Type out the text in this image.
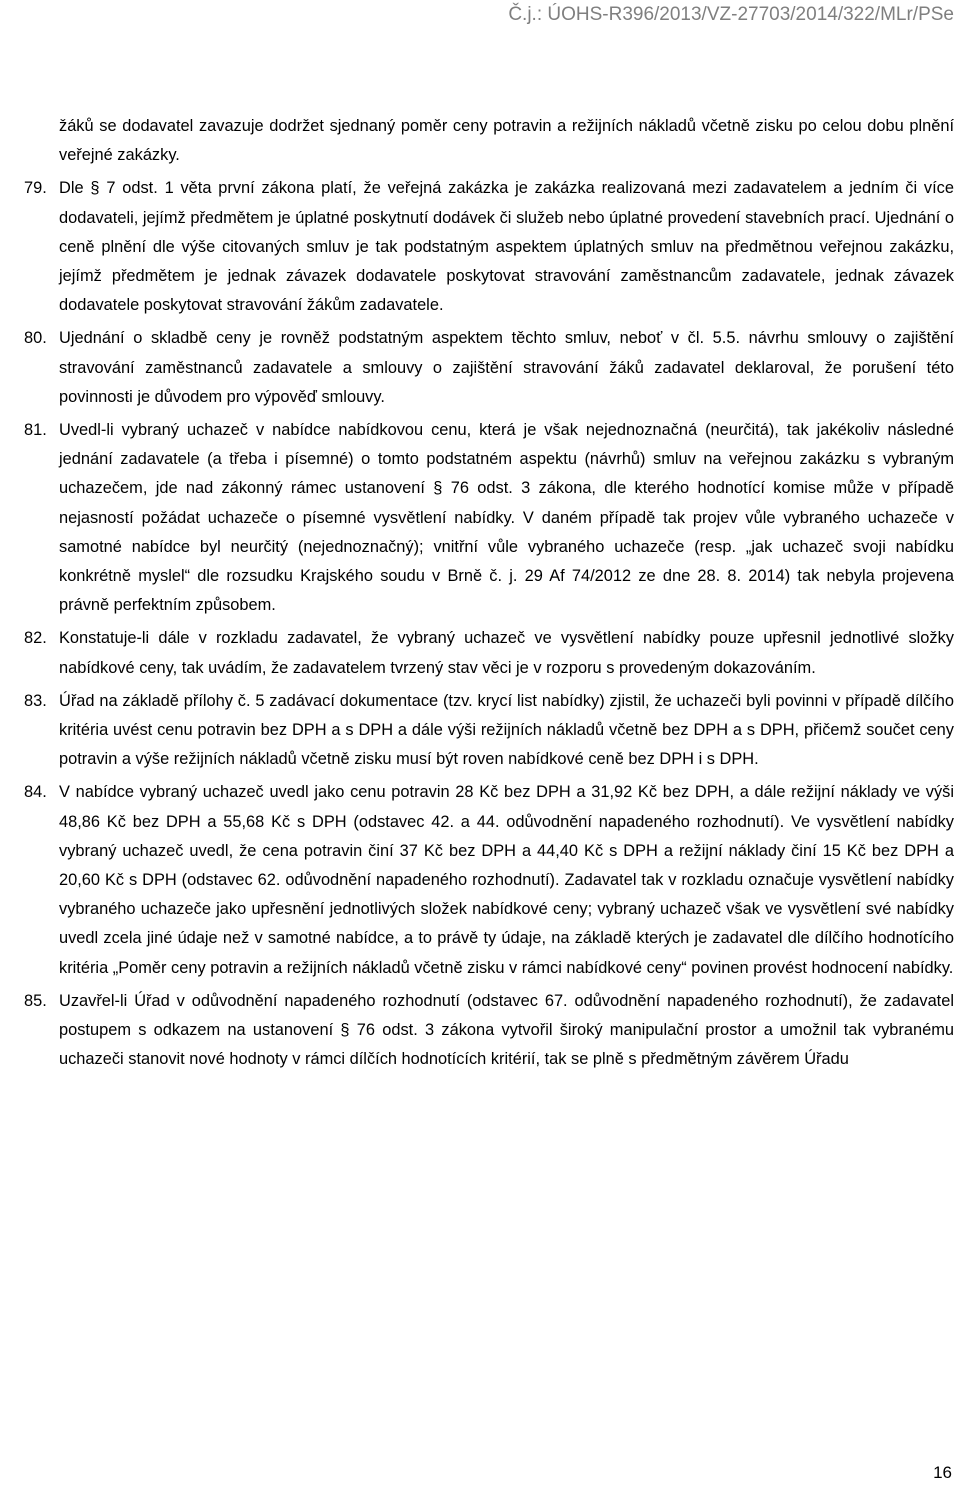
Č.j.: ÚOHS-R396/2013/VZ-27703/2014/322/MLr/PSe
žáků se dodavatel zavazuje dodržet sjednaný poměr ceny potravin a režijních nákladů včetně zisku po celou dobu plnění veřejné zakázky.
79. Dle § 7 odst. 1 věta první zákona platí, že veřejná zakázka je zakázka realizovaná mezi zadavatelem a jedním či více dodavateli, jejímž předmětem je úplatné poskytnutí dodávek či služeb nebo úplatné provedení stavebních prací. Ujednání o ceně plnění dle výše citovaných smluv je tak podstatným aspektem úplatných smluv na předmětnou veřejnou zakázku, jejímž předmětem je jednak závazek dodavatele poskytovat stravování zaměstnancům zadavatele, jednak závazek dodavatele poskytovat stravování žákům zadavatele.
80. Ujednání o skladbě ceny je rovněž podstatným aspektem těchto smluv, neboť v čl. 5.5. návrhu smlouvy o zajištění stravování zaměstnanců zadavatele a smlouvy o zajištění stravování žáků zadavatel deklaroval, že porušení této povinnosti je důvodem pro výpověď smlouvy.
81. Uvedl-li vybraný uchazeč v nabídce nabídkovou cenu, která je však nejednoznačná (neurčitá), tak jakékoliv následné jednání zadavatele (a třeba i písemné) o tomto podstatném aspektu (návrhů) smluv na veřejnou zakázku s vybraným uchazečem, jde nad zákonný rámec ustanovení § 76 odst. 3 zákona, dle kterého hodnotící komise může v případě nejasností požádat uchazeče o písemné vysvětlení nabídky. V daném případě tak projev vůle vybraného uchazeče v samotné nabídce byl neurčitý (nejednoznačný); vnitřní vůle vybraného uchazeče (resp. „jak uchazeč svoji nabídku konkrétně myslel“ dle rozsudku Krajského soudu v Brně č. j. 29 Af 74/2012 ze dne 28. 8. 2014) tak nebyla projevena právně perfektním způsobem.
82. Konstatuje-li dále v rozkladu zadavatel, že vybraný uchazeč ve vysvětlení nabídky pouze upřesnil jednotlivé složky nabídkové ceny, tak uvádím, že zadavatelem tvrzený stav věci je v rozporu s provedeným dokazováním.
83. Úřad na základě přílohy č. 5 zadávací dokumentace (tzv. krycí list nabídky) zjistil, že uchazeči byli povinni v případě dílčího kritéria uvést cenu potravin bez DPH a s DPH a dále výši režijních nákladů včetně bez DPH a s DPH, přičemž součet ceny potravin a výše režijních nákladů včetně zisku musí být roven nabídkové ceně bez DPH i s DPH.
84. V nabídce vybraný uchazeč uvedl jako cenu potravin 28 Kč bez DPH a 31,92 Kč bez DPH, a dále režijní náklady ve výši 48,86 Kč bez DPH a 55,68 Kč s DPH (odstavec 42. a 44. odůvodnění napadeného rozhodnutí). Ve vysvětlení nabídky vybraný uchazeč uvedl, že cena potravin činí 37 Kč bez DPH a 44,40 Kč s DPH a režijní náklady činí 15 Kč bez DPH a 20,60 Kč s DPH (odstavec 62. odůvodnění napadeného rozhodnutí). Zadavatel tak v rozkladu označuje vysvětlení nabídky vybraného uchazeče jako upřesnění jednotlivých složek nabídkové ceny; vybraný uchazeč však ve vysvětlení své nabídky uvedl zcela jiné údaje než v samotné nabídce, a to právě ty údaje, na základě kterých je zadavatel dle dílčího hodnotícího kritéria „Poměr ceny potravin a režijních nákladů včetně zisku v rámci nabídkové ceny“ povinen provést hodnocení nabídky.
85. Uzavřel-li Úřad v odůvodnění napadeného rozhodnutí (odstavec 67. odůvodnění napadeného rozhodnutí), že zadavatel postupem s odkazem na ustanovení § 76 odst. 3 zákona vytvořil široký manipulační prostor a umožnil tak vybranému uchazeči stanovit nové hodnoty v rámci dílčích hodnotících kritérií, tak se plně s předmětným závěrem Úřadu
16
